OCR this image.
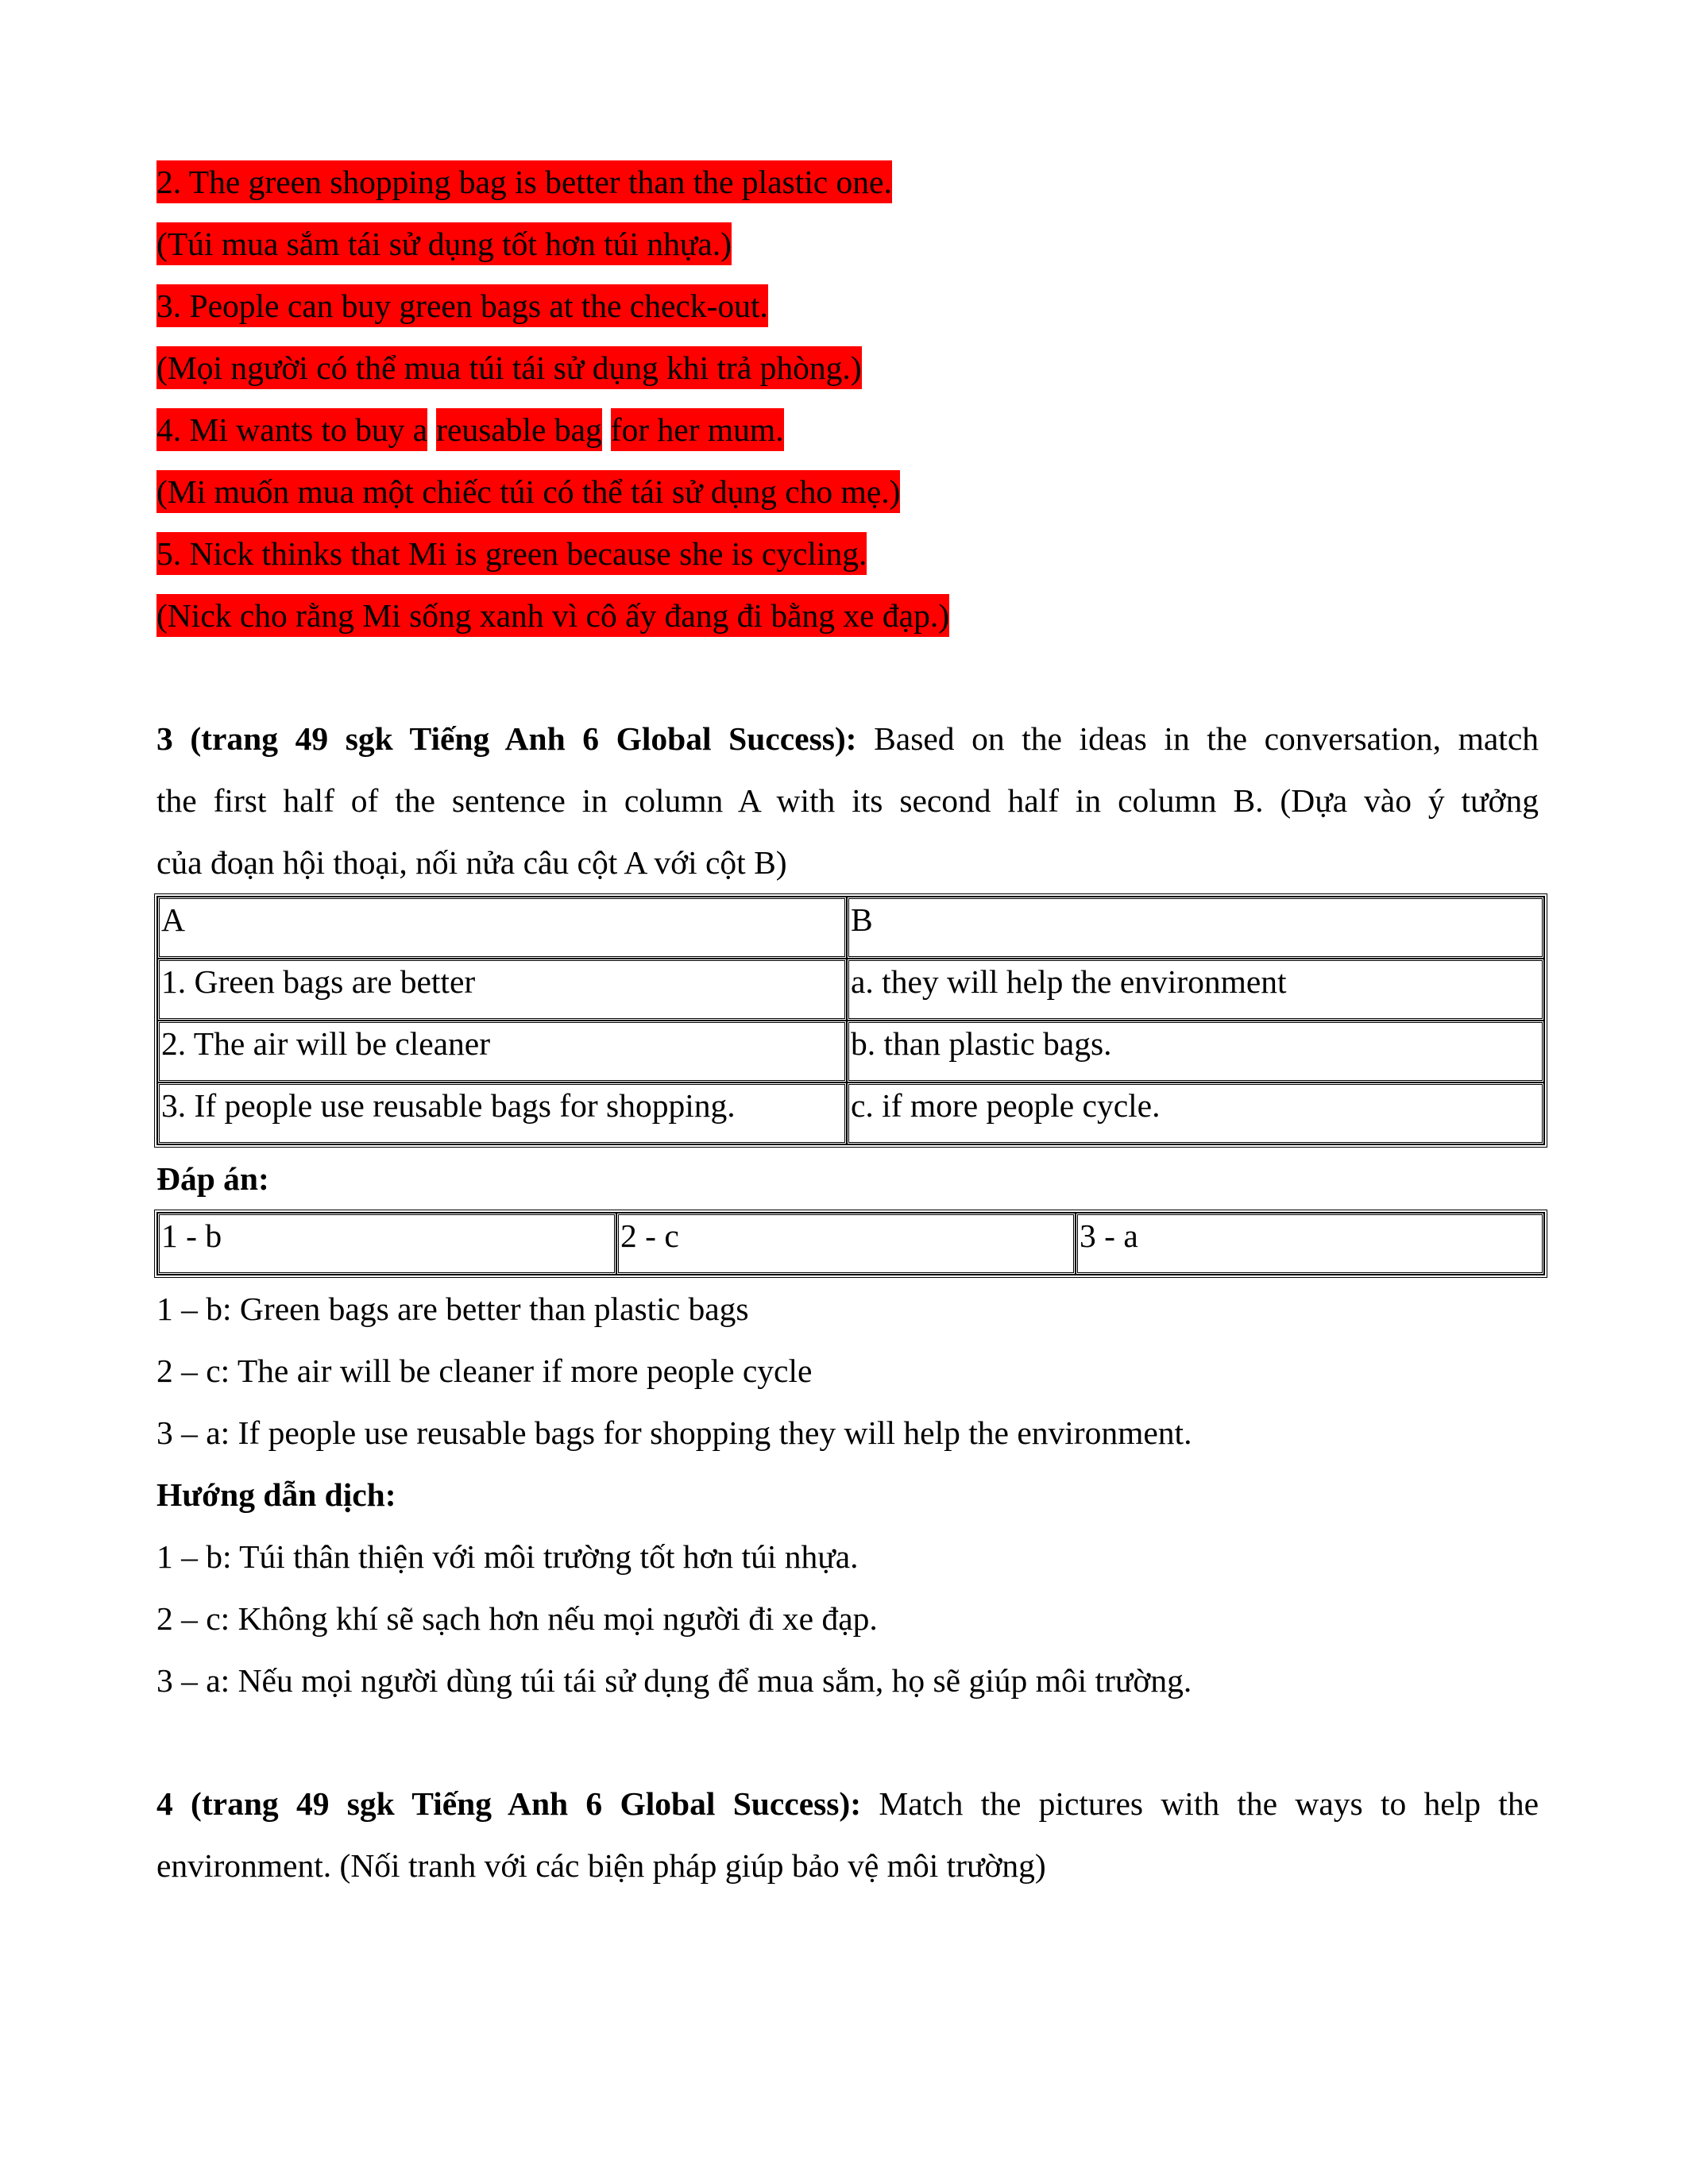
2. The green shopping bag is better than the plastic one.
(Túi mua sắm tái sử dụng tốt hơn túi nhựa.)
3. People can buy green bags at the check-out.
(Mọi người có thể mua túi tái sử dụng khi trả phòng.)
4. Mi wants to buy a reusable bagfor her mum.
(Mi muốn mua một chiếc túi có thể tái sử dụng cho mẹ.)
5. Nick thinks that Mi is green because she is cycling.
(Nick cho rằng Mi sống xanh vì cô ấy đang đi bằng xe đạp.)
3 (trang 49 sgk Tiếng Anh 6 Global Success): Based on the ideas in the conversation, match
the first half of the sentence in column A with its second half in column B. (Dựa vào ý tưởng
của đoạn hội thoại, nối nửa câu cột A với cột B)
A	B
1. Green bags are better	a. they will help the environment
2. The air will be cleaner	b. than plastic bags.
3. If people use reusable bags for shopping.	c. if more people cycle.
Đáp án:
1 - b	2 - c	3 - a
1 – b: Green bags are better than plastic bags
2 – c: The air will be cleaner if more people cycle
3 – a: If people use reusable bags for shopping they will help the environment.
Hướng dẫn dịch:
1 – b: Túi thân thiện với môi trường tốt hơn túi nhựa.
2 – c: Không khí sẽ sạch hơn nếu mọi người đi xe đạp.
3 – a: Nếu mọi người dùng túi tái sử dụng để mua sắm, họ sẽ giúp môi trường.
4 (trang 49 sgk Tiếng Anh 6 Global Success): Match the pictures with the ways to help the
environment. (Nối tranh với các biện pháp giúp bảo vệ môi trường)
